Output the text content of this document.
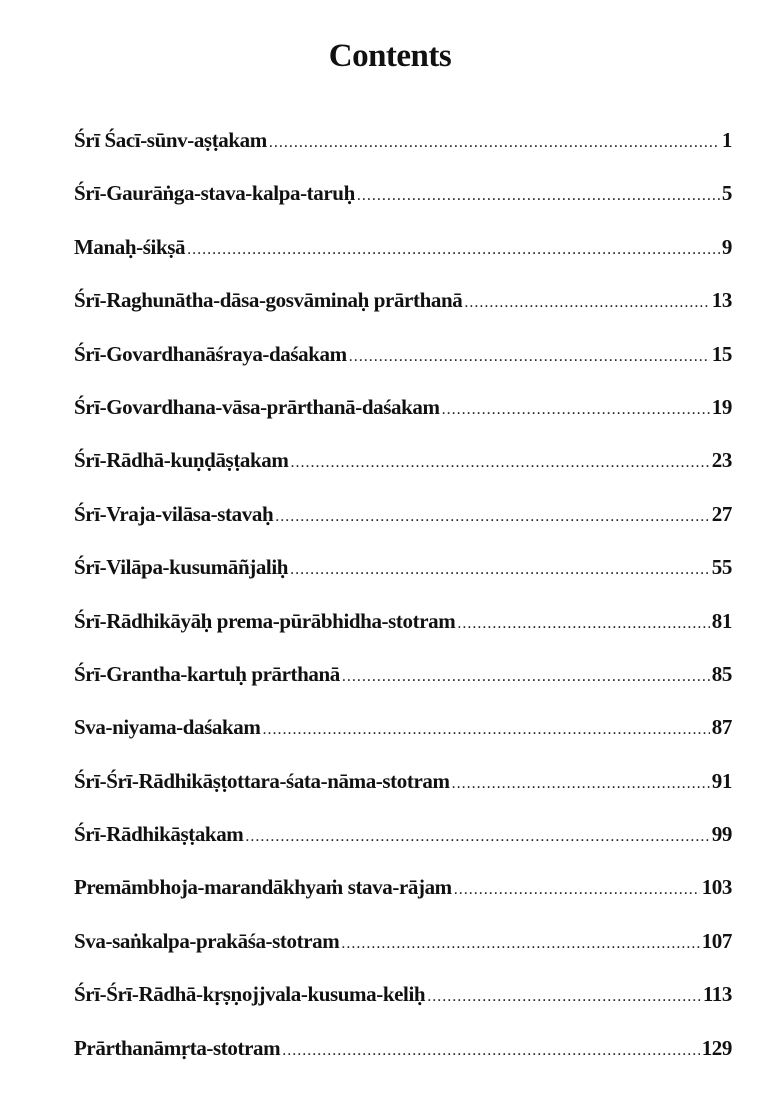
Contents
Śrī Śacī-sūnv-aṣṭakam . . .	1
Śrī-Gaurāṅga-stava-kalpa-taruḥ . . .	5
Manaḥ-śikṣā . . .	9
Śrī-Raghunātha-dāsa-gosvāminaḥ prārthanā . . .	13
Śrī-Govardhanāśraya-daśakam . . .	15
Śrī-Govardhana-vāsa-prārthanā-daśakam . . .	19
Śrī-Rādhā-kuṇḍāṣṭakam . . .	23
Śrī-Vraja-vilāsa-stavaḥ . . .	27
Śrī-Vilāpa-kusumāñjaliḥ . . .	55
Śrī-Rādhikāyāḥ prema-pūrābhidha-stotram . . .	81
Śrī-Grantha-kartuḥ prārthanā . . .	85
Sva-niyama-daśakam . . .	87
Śrī-Śrī-Rādhikāṣṭottara-śata-nāma-stotram . . .	91
Śrī-Rādhikāṣṭakam . . .	99
Premāmbhoja-marandākhyaṁ stava-rājam . . .	103
Sva-saṅkalpa-prakāśa-stotram . . .	107
Śrī-Śrī-Rādhā-kṛṣṇojjvala-kusuma-keliḥ . . .	113
Prārthanāmṛta-stotram . . .	129
